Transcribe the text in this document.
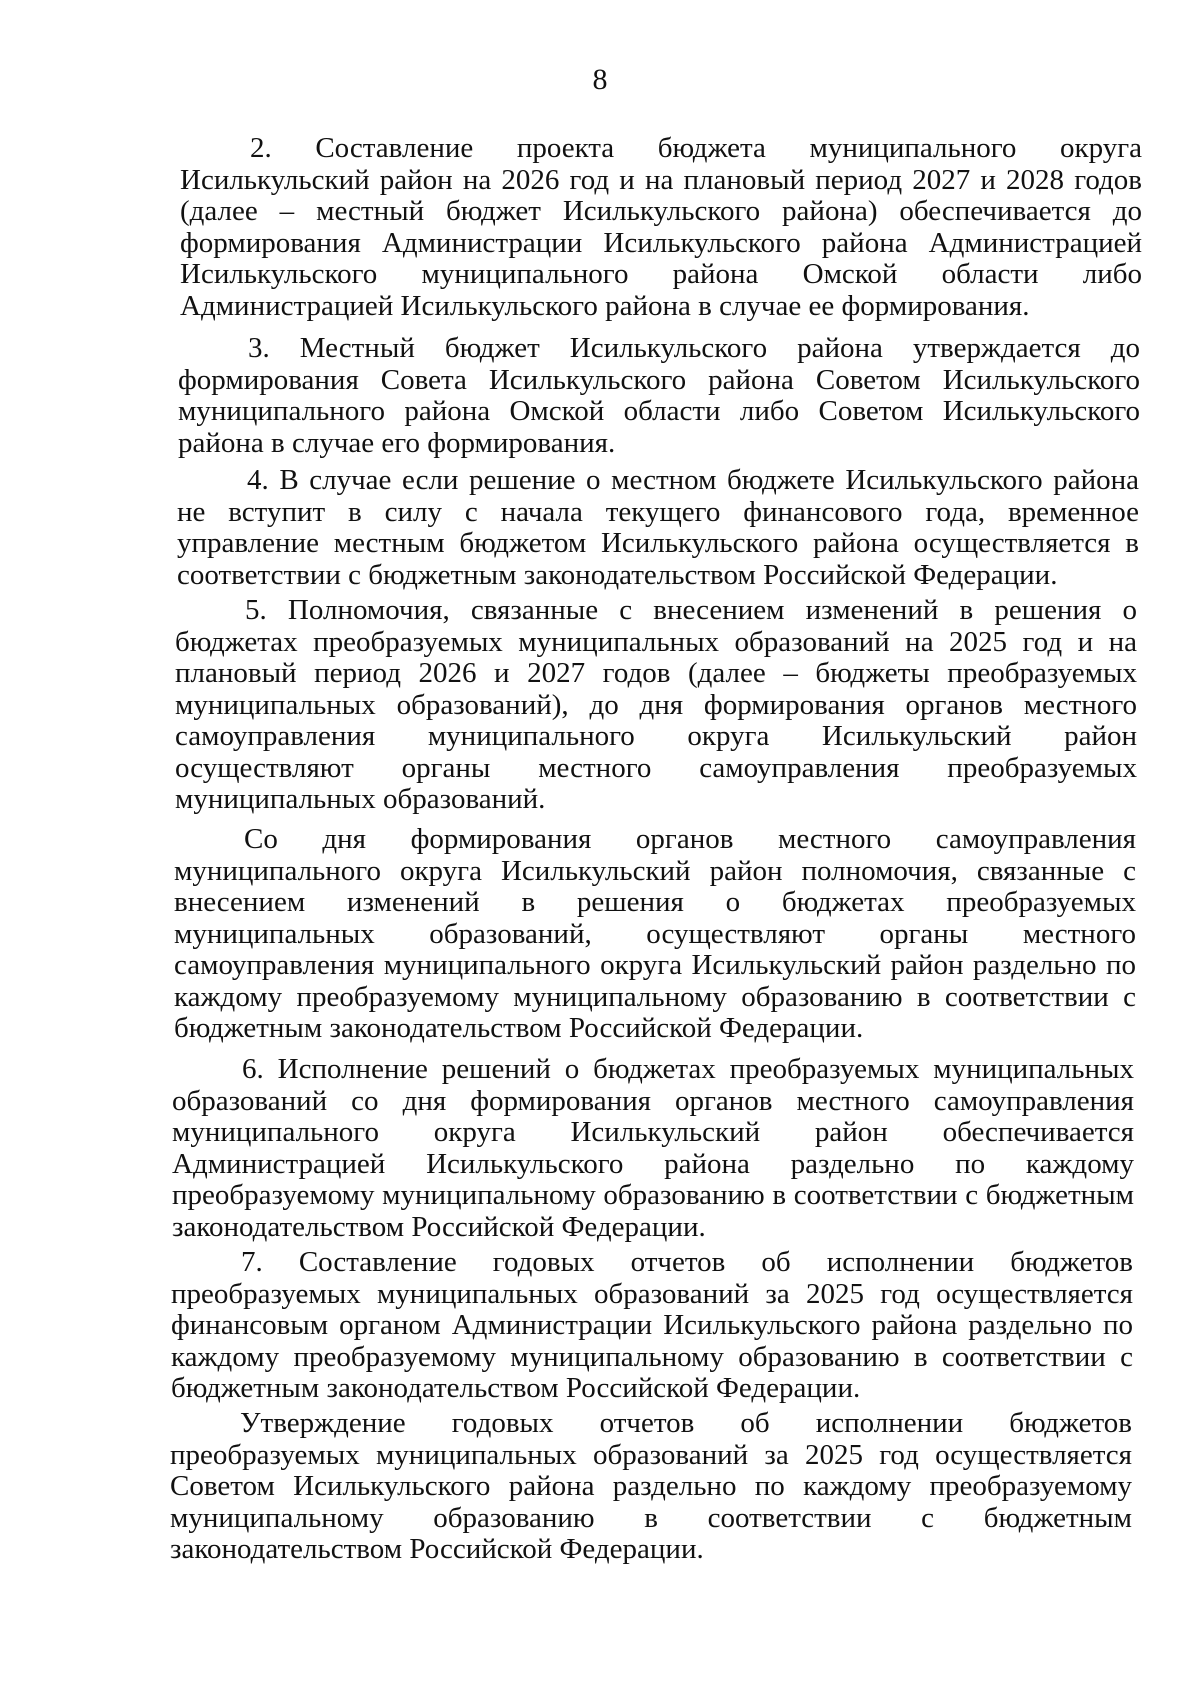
8

2. Составление проекта бюджета муниципального округа Исилькульский район на 2026 год и на плановый период 2027 и 2028 годов (далее – местный бюджет Исилькульского района) обеспечивается до формирования Администрации Исилькульского района Администрацией Исилькульского муниципального района Омской области либо Администрацией Исилькульского района в случае ее формирования.

3. Местный бюджет Исилькульского района утверждается до формирования Совета Исилькульского района Советом Исилькульского муниципального района Омской области либо Советом Исилькульского района в случае его формирования.

4. В случае если решение о местном бюджете Исилькульского района не вступит в силу с начала текущего финансового года, временное управление местным бюджетом Исилькульского района осуществляется в соответствии с бюджетным законодательством Российской Федерации.

5. Полномочия, связанные с внесением изменений в решения о бюджетах преобразуемых муниципальных образований на 2025 год и на плановый период 2026 и 2027 годов (далее – бюджеты преобразуемых муниципальных образований), до дня формирования органов местного самоуправления муниципального округа Исилькульский район осуществляют органы местного самоуправления преобразуемых муниципальных образований.

Со дня формирования органов местного самоуправления муниципального округа Исилькульский район полномочия, связанные с внесением изменений в решения о бюджетах преобразуемых муниципальных образований, осуществляют органы местного самоуправления муниципального округа Исилькульский район раздельно по каждому преобразуемому муниципальному образованию в соответствии с бюджетным законодательством Российской Федерации.

6. Исполнение решений о бюджетах преобразуемых муниципальных образований со дня формирования органов местного самоуправления муниципального округа Исилькульский район обеспечивается Администрацией Исилькульского района раздельно по каждому преобразуемому муниципальному образованию в соответствии с бюджетным законодательством Российской Федерации.

7. Составление годовых отчетов об исполнении бюджетов преобразуемых муниципальных образований за 2025 год осуществляется финансовым органом Администрации Исилькульского района раздельно по каждому преобразуемому муниципальному образованию в соответствии с бюджетным законодательством Российской Федерации.

Утверждение годовых отчетов об исполнении бюджетов преобразуемых муниципальных образований за 2025 год осуществляется Советом Исилькульского района раздельно по каждому преобразуемому муниципальному образованию в соответствии с бюджетным законодательством Российской Федерации.
